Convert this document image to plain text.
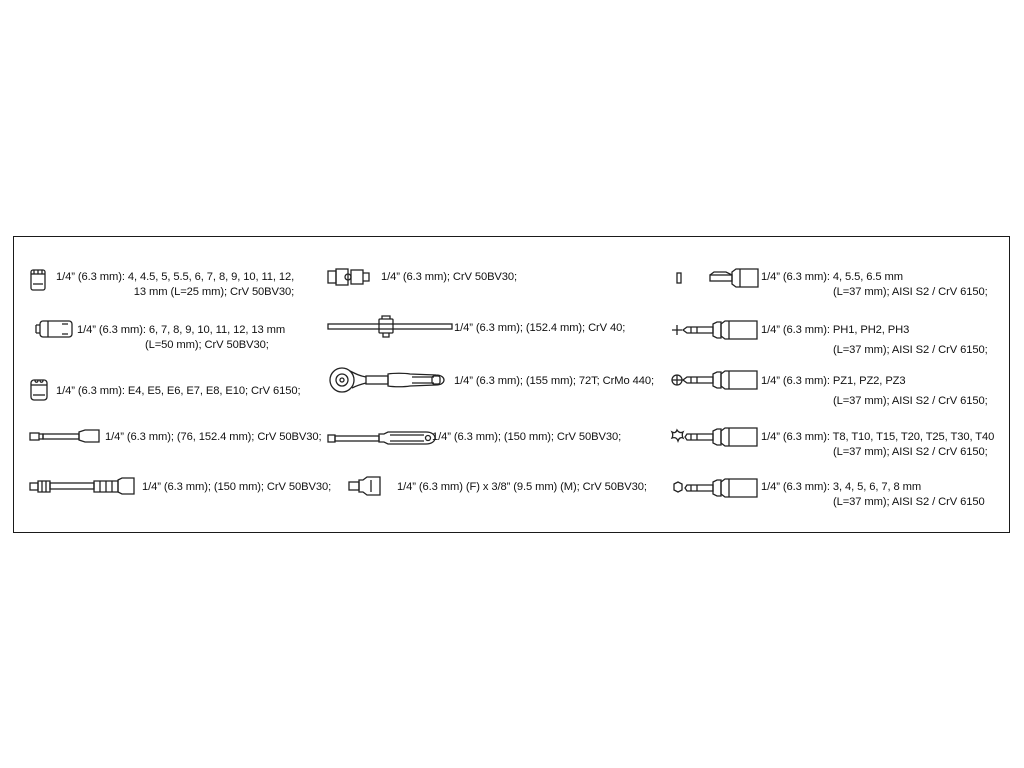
1/4” (6.3 mm): 4, 4.5, 5, 5.5, 6, 7, 8, 9, 10, 11, 12,
13 mm (L=25 mm); CrV 50BV30;
1/4” (6.3 mm): 6, 7, 8, 9, 10, 11, 12, 13 mm
(L=50 mm); CrV 50BV30;
1/4” (6.3 mm): E4, E5, E6, E7, E8, E10; CrV 6150;
1/4” (6.3 mm); (76, 152.4 mm); CrV 50BV30;
1/4” (6.3 mm); (150 mm); CrV 50BV30;
1/4” (6.3 mm); CrV 50BV30;
1/4” (6.3 mm); (152.4 mm); CrV 40;
1/4” (6.3 mm); (155 mm); 72T; CrMo 440;
1/4” (6.3 mm); (150 mm); CrV 50BV30;
1/4” (6.3 mm) (F) x 3/8” (9.5 mm) (M); CrV 50BV30;
1/4” (6.3 mm): 4, 5.5, 6.5 mm
(L=37 mm); AISI S2 / CrV 6150;
1/4” (6.3 mm): PH1, PH2, PH3
(L=37 mm); AISI S2 / CrV 6150;
1/4” (6.3 mm): PZ1, PZ2, PZ3
(L=37 mm); AISI S2 / CrV 6150;
1/4” (6.3 mm): T8, T10, T15, T20, T25, T30, T40
(L=37 mm); AISI S2 / CrV 6150;
1/4” (6.3 mm): 3, 4, 5, 6, 7, 8 mm
(L=37 mm); AISI S2 / CrV 6150
